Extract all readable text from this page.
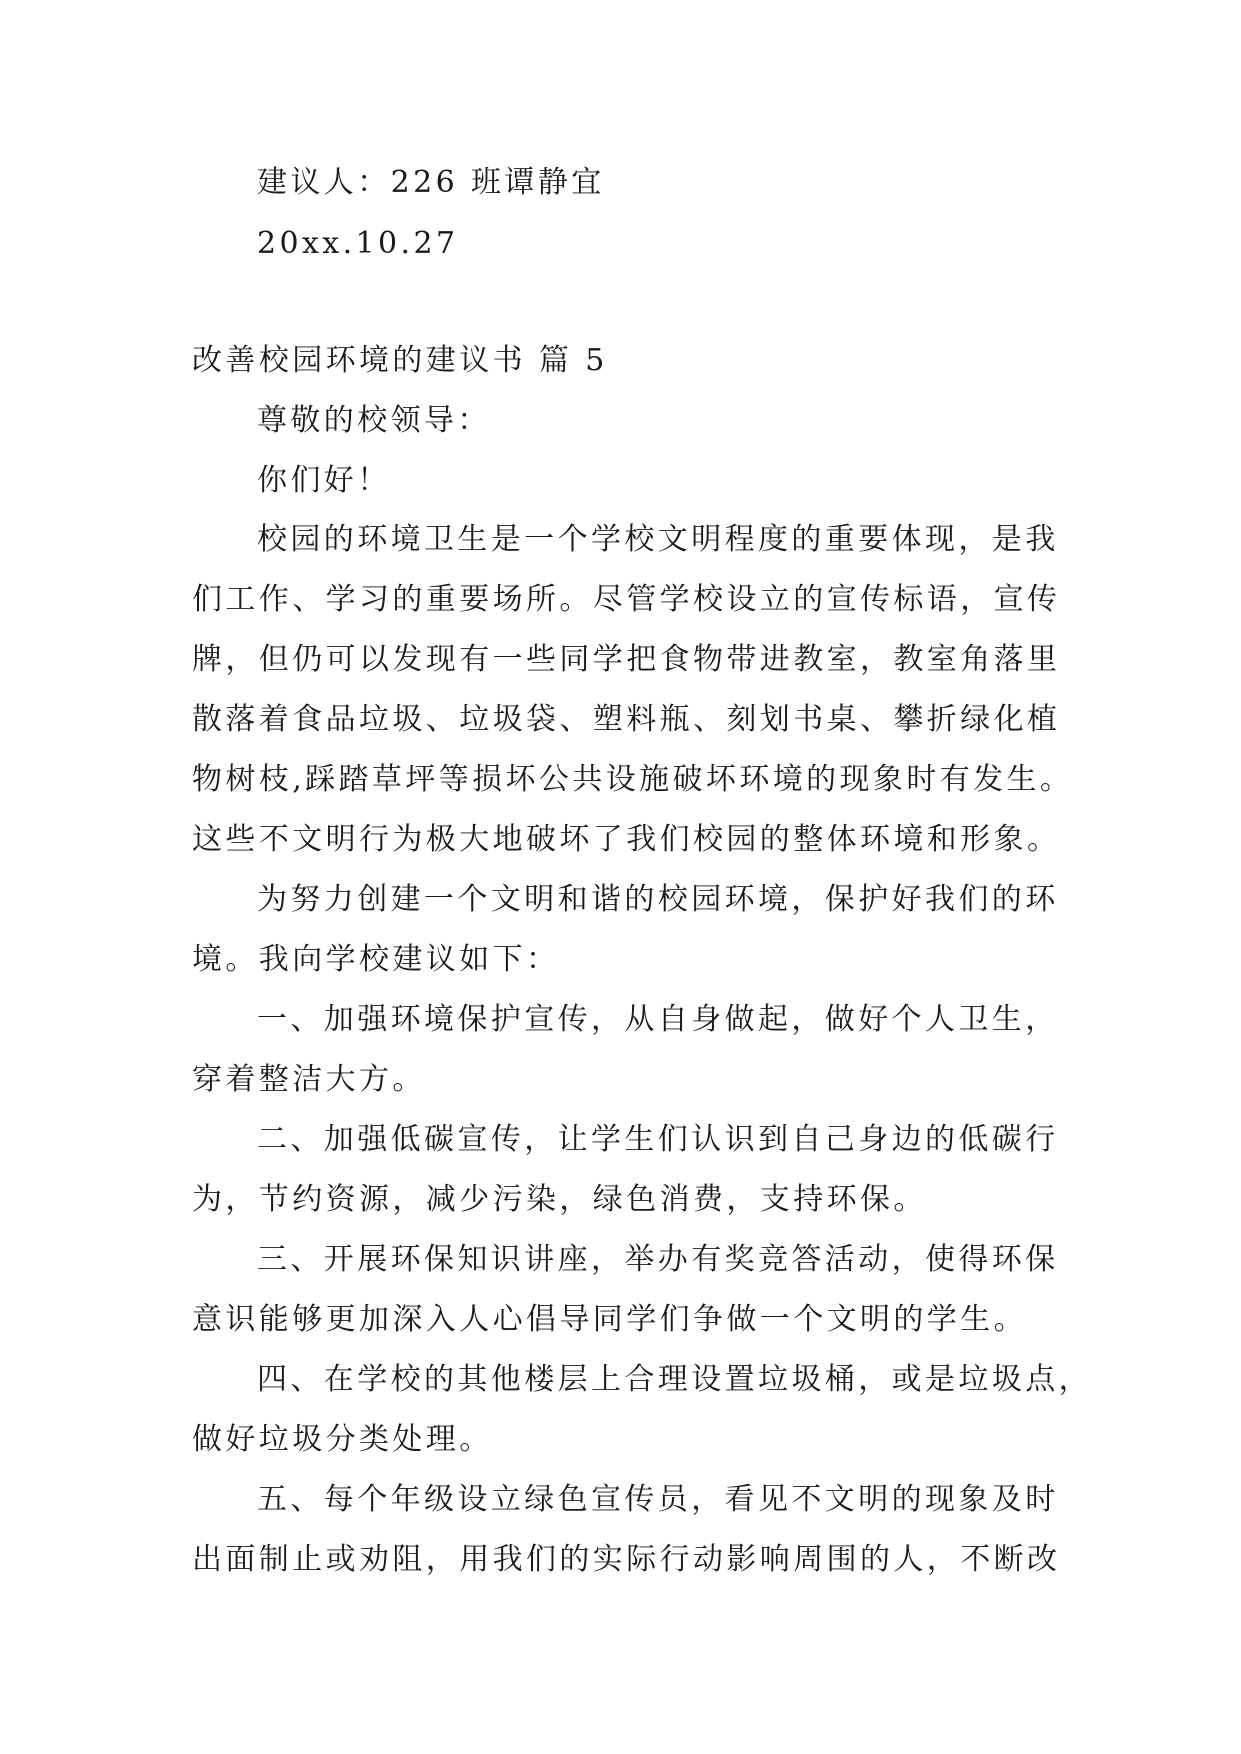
建议人：226 班谭静宜
20xx.10.27
改善校园环境的建议书 篇 5
尊敬的校领导：
你们好！
校园的环境卫生是一个学校文明程度的重要体现，是我
们工作、学习的重要场所。尽管学校设立的宣传标语，宣传
牌，但仍可以发现有一些同学把食物带进教室，教室角落里
散落着食品垃圾、垃圾袋、塑料瓶、刻划书桌、攀折绿化植
物树枝,踩踏草坪等损坏公共设施破坏环境的现象时有发生。
这些不文明行为极大地破坏了我们校园的整体环境和形象。
为努力创建一个文明和谐的校园环境，保护好我们的环
境。我向学校建议如下：
一、加强环境保护宣传，从自身做起，做好个人卫生，
穿着整洁大方。
二、加强低碳宣传，让学生们认识到自己身边的低碳行
为，节约资源，减少污染，绿色消费，支持环保。
三、开展环保知识讲座，举办有奖竞答活动，使得环保
意识能够更加深入人心倡导同学们争做一个文明的学生。
四、在学校的其他楼层上合理设置垃圾桶，或是垃圾点，
做好垃圾分类处理。
五、每个年级设立绿色宣传员，看见不文明的现象及时
出面制止或劝阻，用我们的实际行动影响周围的人，不断改
